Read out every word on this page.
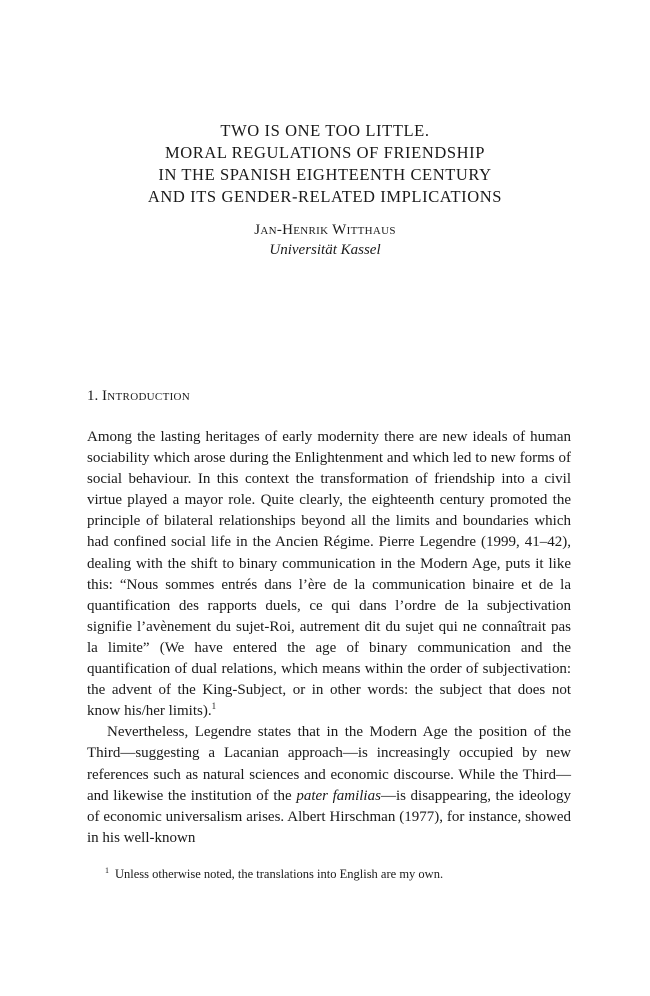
TWO IS ONE TOO LITTLE.
MORAL REGULATIONS OF FRIENDSHIP
IN THE SPANISH EIGHTEENTH CENTURY
AND ITS GENDER-RELATED IMPLICATIONS
Jan-Henrik Witthaus
Universität Kassel
1. Introduction

Among the lasting heritages of early modernity there are new ideals of human sociability which arose during the Enlightenment and which led to new forms of social behaviour. In this context the transformation of friendship into a civil virtue played a mayor role. Quite clearly, the eighteenth century promoted the principle of bilateral relationships beyond all the limits and boundaries which had confined social life in the Ancien Régime. Pierre Legendre (1999, 41–42), dealing with the shift to binary communication in the Modern Age, puts it like this: “Nous sommes entrés dans l’ère de la communication binaire et de la quantification des rapports duels, ce qui dans l’ordre de la subjectivation signifie l’avènement du sujet-Roi, autrement dit du sujet qui ne connaîtrait pas la limite” (We have entered the age of binary communication and the quantification of dual relations, which means within the order of subjectivation: the advent of the King-Subject, or in other words: the subject that does not know his/her limits).$^1$

Nevertheless, Legendre states that in the Modern Age the position of the Third—suggesting a Lacanian approach—is increasingly occupied by new references such as natural sciences and economic discourse. While the Third—and likewise the institution of the pater familias—is disappearing, the ideology of economic universalism arises. Albert Hirschman (1977), for instance, showed in his well-known

$^1$ Unless otherwise noted, the translations into English are my own.
